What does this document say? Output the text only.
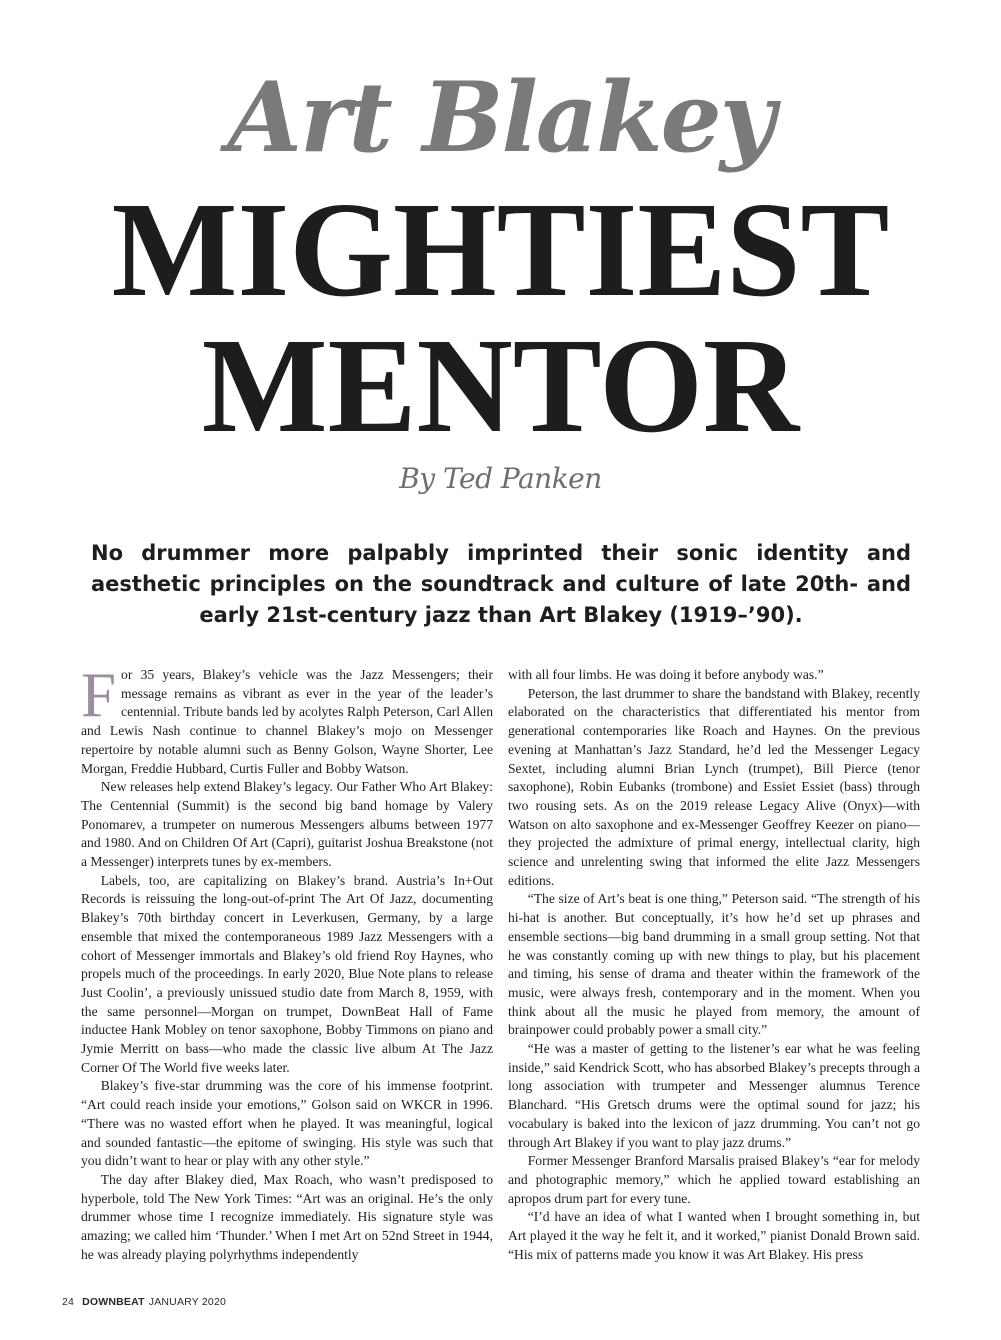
Art Blakey
MIGHTIEST
MENTOR
By Ted Panken
No drummer more palpably imprinted their sonic identity and aesthetic principles on the soundtrack and culture of late 20th- and early 21st-century jazz than Art Blakey (1919–’90).

For 35 years, Blakey’s vehicle was the Jazz Messengers; their message remains as vibrant as ever in the year of the leader’s centennial. Tribute bands led by acolytes Ralph Peterson, Carl Allen and Lewis Nash continue to channel Blakey’s mojo on Messenger repertoire by notable alumni such as Benny Golson, Wayne Shorter, Lee Morgan, Freddie Hubbard, Curtis Fuller and Bobby Watson.

New releases help extend Blakey’s legacy. Our Father Who Art Blakey: The Centennial (Summit) is the second big band homage by Valery Ponomarev, a trumpeter on numerous Messengers albums between 1977 and 1980. And on Children Of Art (Capri), guitarist Joshua Breakstone (not a Messenger) interprets tunes by ex-members.

Labels, too, are capitalizing on Blakey’s brand. Austria’s In+Out Records is reissuing the long-out-of-print The Art Of Jazz, documenting Blakey’s 70th birthday concert in Leverkusen, Germany, by a large ensemble that mixed the contemporaneous 1989 Jazz Messengers with a cohort of Messenger immortals and Blakey’s old friend Roy Haynes, who propels much of the proceedings. In early 2020, Blue Note plans to release Just Coolin’, a previously unissued studio date from March 8, 1959, with the same personnel—Morgan on trumpet, DownBeat Hall of Fame inductee Hank Mobley on tenor saxophone, Bobby Timmons on piano and Jymie Merritt on bass—who made the classic live album At The Jazz Corner Of The World five weeks later.

Blakey’s five-star drumming was the core of his immense footprint. “Art could reach inside your emotions,” Golson said on WKCR in 1996. “There was no wasted effort when he played. It was meaningful, logical and sounded fantastic—the epitome of swinging. His style was such that you didn’t want to hear or play with any other style.”

The day after Blakey died, Max Roach, who wasn’t predisposed to hyperbole, told The New York Times: “Art was an original. He’s the only drummer whose time I recognize immediately. His signature style was amazing; we called him ‘Thunder.’ When I met Art on 52nd Street in 1944, he was already playing polyrhythms independently

with all four limbs. He was doing it before anybody was.”

Peterson, the last drummer to share the bandstand with Blakey, recently elaborated on the characteristics that differentiated his mentor from generational contemporaries like Roach and Haynes. On the previous evening at Manhattan’s Jazz Standard, he’d led the Messenger Legacy Sextet, including alumni Brian Lynch (trumpet), Bill Pierce (tenor saxophone), Robin Eubanks (trombone) and Essiet Essiet (bass) through two rousing sets. As on the 2019 release Legacy Alive (Onyx)—with Watson on alto saxophone and ex-Messenger Geoffrey Keezer on piano—they projected the admixture of primal energy, intellectual clarity, high science and unrelenting swing that informed the elite Jazz Messengers editions.

“The size of Art’s beat is one thing,” Peterson said. “The strength of his hi-hat is another. But conceptually, it’s how he’d set up phrases and ensemble sections—big band drumming in a small group setting. Not that he was constantly coming up with new things to play, but his placement and timing, his sense of drama and theater within the framework of the music, were always fresh, contemporary and in the moment. When you think about all the music he played from memory, the amount of brainpower could probably power a small city.”

“He was a master of getting to the listener’s ear what he was feeling inside,” said Kendrick Scott, who has absorbed Blakey’s precepts through a long association with trumpeter and Messenger alumnus Terence Blanchard. “His Gretsch drums were the optimal sound for jazz; his vocabulary is baked into the lexicon of jazz drumming. You can’t not go through Art Blakey if you want to play jazz drums.”

Former Messenger Branford Marsalis praised Blakey’s “ear for melody and photographic memory,” which he applied toward establishing an apropos drum part for every tune.

“I’d have an idea of what I wanted when I brought something in, but Art played it the way he felt it, and it worked,” pianist Donald Brown said. “His mix of patterns made you know it was Art Blakey. His press

24 DOWNBEAT JANUARY 2020
